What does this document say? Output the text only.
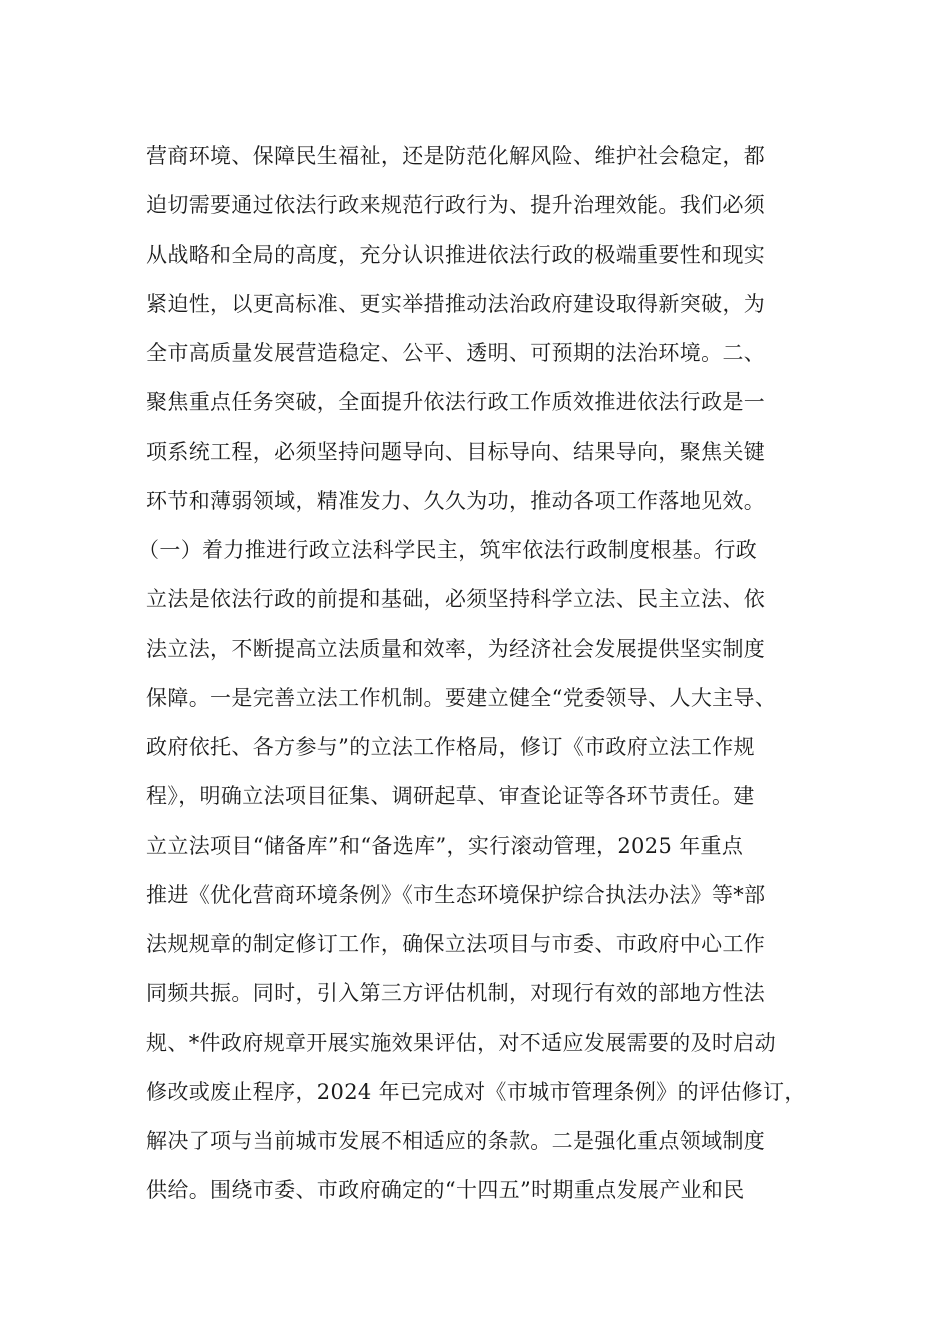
营商环境、保障民生福祉，还是防范化解风险、维护社会稳定，都
迫切需要通过依法行政来规范行政行为、提升治理效能。我们必须
从战略和全局的高度，充分认识推进依法行政的极端重要性和现实
紧迫性，以更高标准、更实举措推动法治政府建设取得新突破，为
全市高质量发展营造稳定、公平、透明、可预期的法治环境。二、
聚焦重点任务突破，全面提升依法行政工作质效推进依法行政是一
项系统工程，必须坚持问题导向、目标导向、结果导向，聚焦关键
环节和薄弱领域，精准发力、久久为功，推动各项工作落地见效。
（一）着力推进行政立法科学民主，筑牢依法行政制度根基。行政
立法是依法行政的前提和基础，必须坚持科学立法、民主立法、依
法立法，不断提高立法质量和效率，为经济社会发展提供坚实制度
保障。一是完善立法工作机制。要建立健全“党委领导、人大主导、
政府依托、各方参与”的立法工作格局，修订《市政府立法工作规
程》，明确立法项目征集、调研起草、审查论证等各环节责任。建
立立法项目“储备库”和“备选库”，实行滚动管理，2025 年重点
推进《优化营商环境条例》《市生态环境保护综合执法办法》等*部
法规规章的制定修订工作，确保立法项目与市委、市政府中心工作
同频共振。同时，引入第三方评估机制，对现行有效的部地方性法
规、*件政府规章开展实施效果评估，对不适应发展需要的及时启动
修改或废止程序，2024 年已完成对《市城市管理条例》的评估修订，
解决了项与当前城市发展不相适应的条款。二是强化重点领域制度
供给。围绕市委、市政府确定的“十四五”时期重点发展产业和民
